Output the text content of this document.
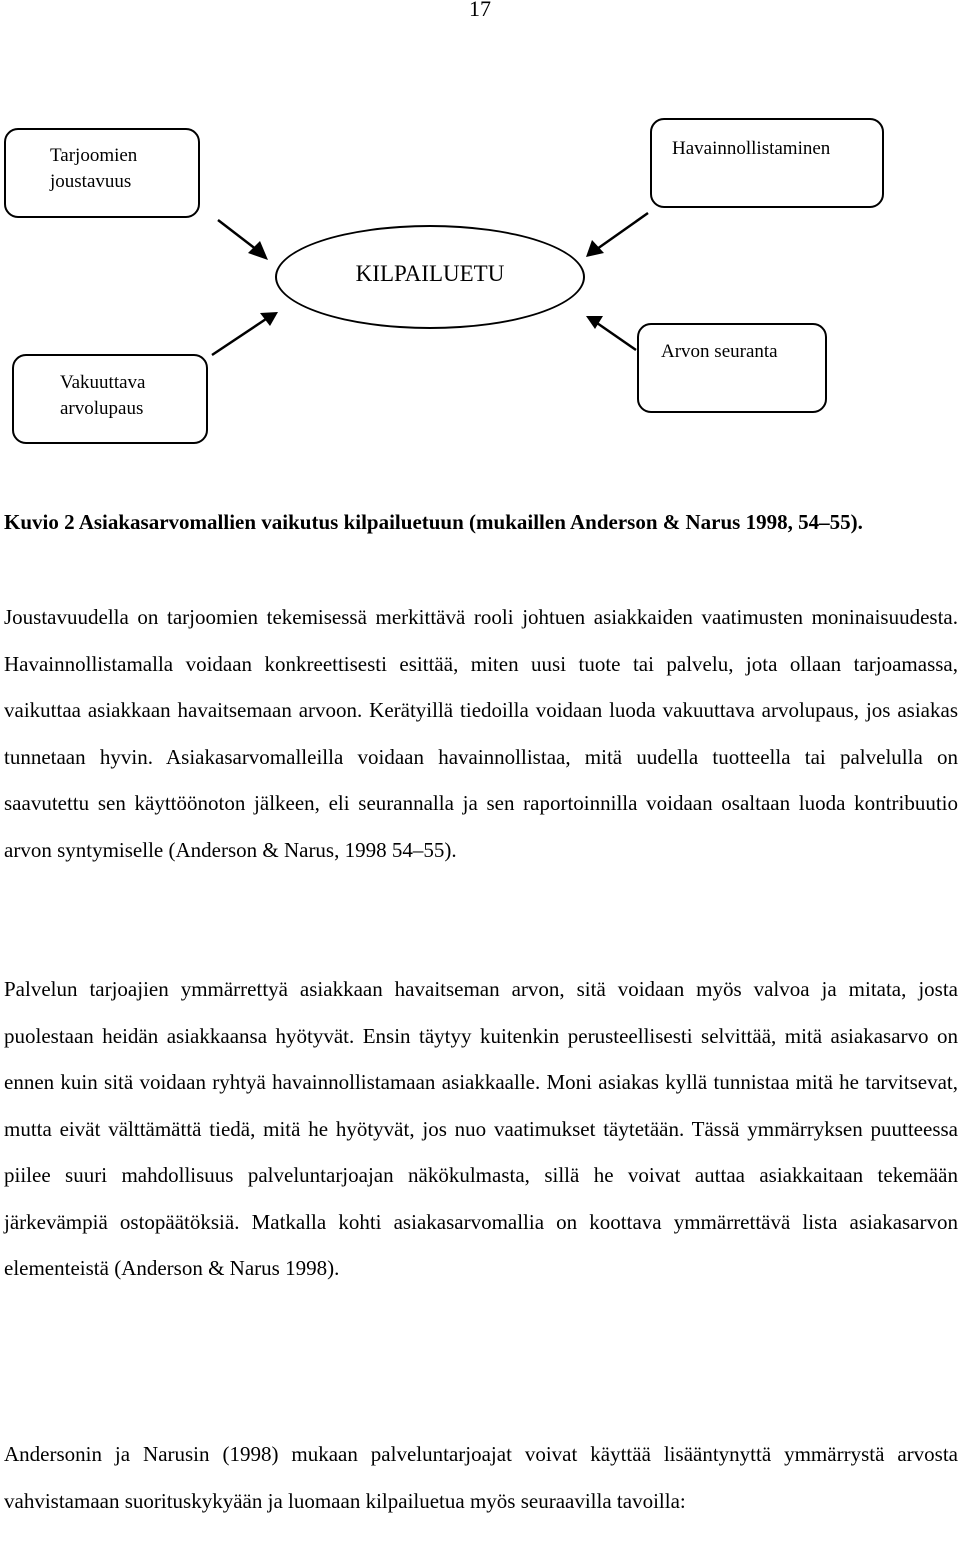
17
Tarjoomien
joustavuus
Havainnollistaminen
KILPAILUETU
Vakuuttava
arvolupaus
Arvon seuranta
Kuvio 2 Asiakasarvomallien vaikutus kilpailuetuun (mukaillen Anderson & Narus 1998, 54–55).

Joustavuudella on tarjoomien tekemisessä merkittävä rooli johtuen asiakkaiden vaatimusten moninaisuudesta. Havainnollistamalla voidaan konkreettisesti esittää, miten uusi tuote tai palvelu, jota ollaan tarjoamassa, vaikuttaa asiakkaan havaitsemaan arvoon. Kerätyillä tiedoilla voidaan luoda vakuuttava arvolupaus, jos asiakas tunnetaan hyvin. Asiakasarvomalleilla voidaan havainnollistaa, mitä uudella tuotteella tai palvelulla on saavutettu sen käyttöönoton jälkeen, eli seurannalla ja sen raportoinnilla voidaan osaltaan luoda kontribuutio arvon syntymiselle (Anderson & Narus, 1998 54–55).

Palvelun tarjoajien ymmärrettyä asiakkaan havaitseman arvon, sitä voidaan myös valvoa ja mitata, josta puolestaan heidän asiakkaansa hyötyvät. Ensin täytyy kuitenkin perusteellisesti selvittää, mitä asiakasarvo on ennen kuin sitä voidaan ryhtyä havainnollistamaan asiakkaalle. Moni asiakas kyllä tunnistaa mitä he tarvitsevat, mutta eivät välttämättä tiedä, mitä he hyötyvät, jos nuo vaatimukset täytetään. Tässä ymmärryksen puutteessa piilee suuri mahdollisuus palveluntarjoajan näkökulmasta, sillä he voivat auttaa asiakkaitaan tekemään järkevämpiä ostopäätöksiä. Matkalla kohti asiakasarvomallia on koottava ymmärrettävä lista asiakasarvon elementeistä (Anderson & Narus 1998).

Andersonin ja Narusin (1998) mukaan palveluntarjoajat voivat käyttää lisääntynyttä ymmärrystä arvosta vahvistamaan suorituskykyään ja luomaan kilpailuetua myös seuraavilla tavoilla:
